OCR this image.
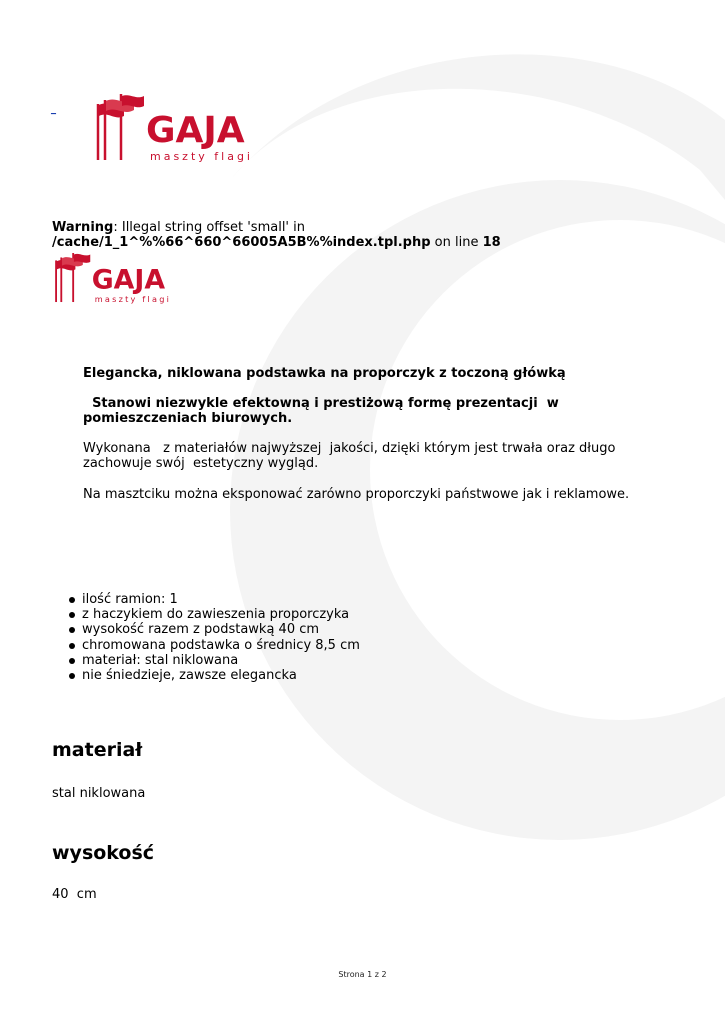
_
GAJA
maszty flagi
Warning: Illegal string offset 'small' in /cache/1_1^%%66^660^66005A5B%%index.tpl.php on line 18
GAJA
maszty flagi
Elegancka, niklowana podstawka na proporczyk z toczoną główką
Stanowi niezwykle efektowną i prestiżową formę prezentacji  w pomieszczeniach biurowych.
Wykonana   z materiałów najwyższej  jakości, dzięki którym jest trwała oraz długo  zachowuje swój  estetyczny wygląd.
Na masztciku można eksponować zarówno proporczyki państwowe jak i reklamowe.
ilość ramion: 1
z haczykiem do zawieszenia proporczyka
wysokość razem z podstawką 40 cm
chromowana podstawka o średnicy 8,5 cm
materiał: stal niklowana
nie śniedzieje, zawsze elegancka
materiał
stal niklowana
wysokość
40  cm
Strona 1 z 2
